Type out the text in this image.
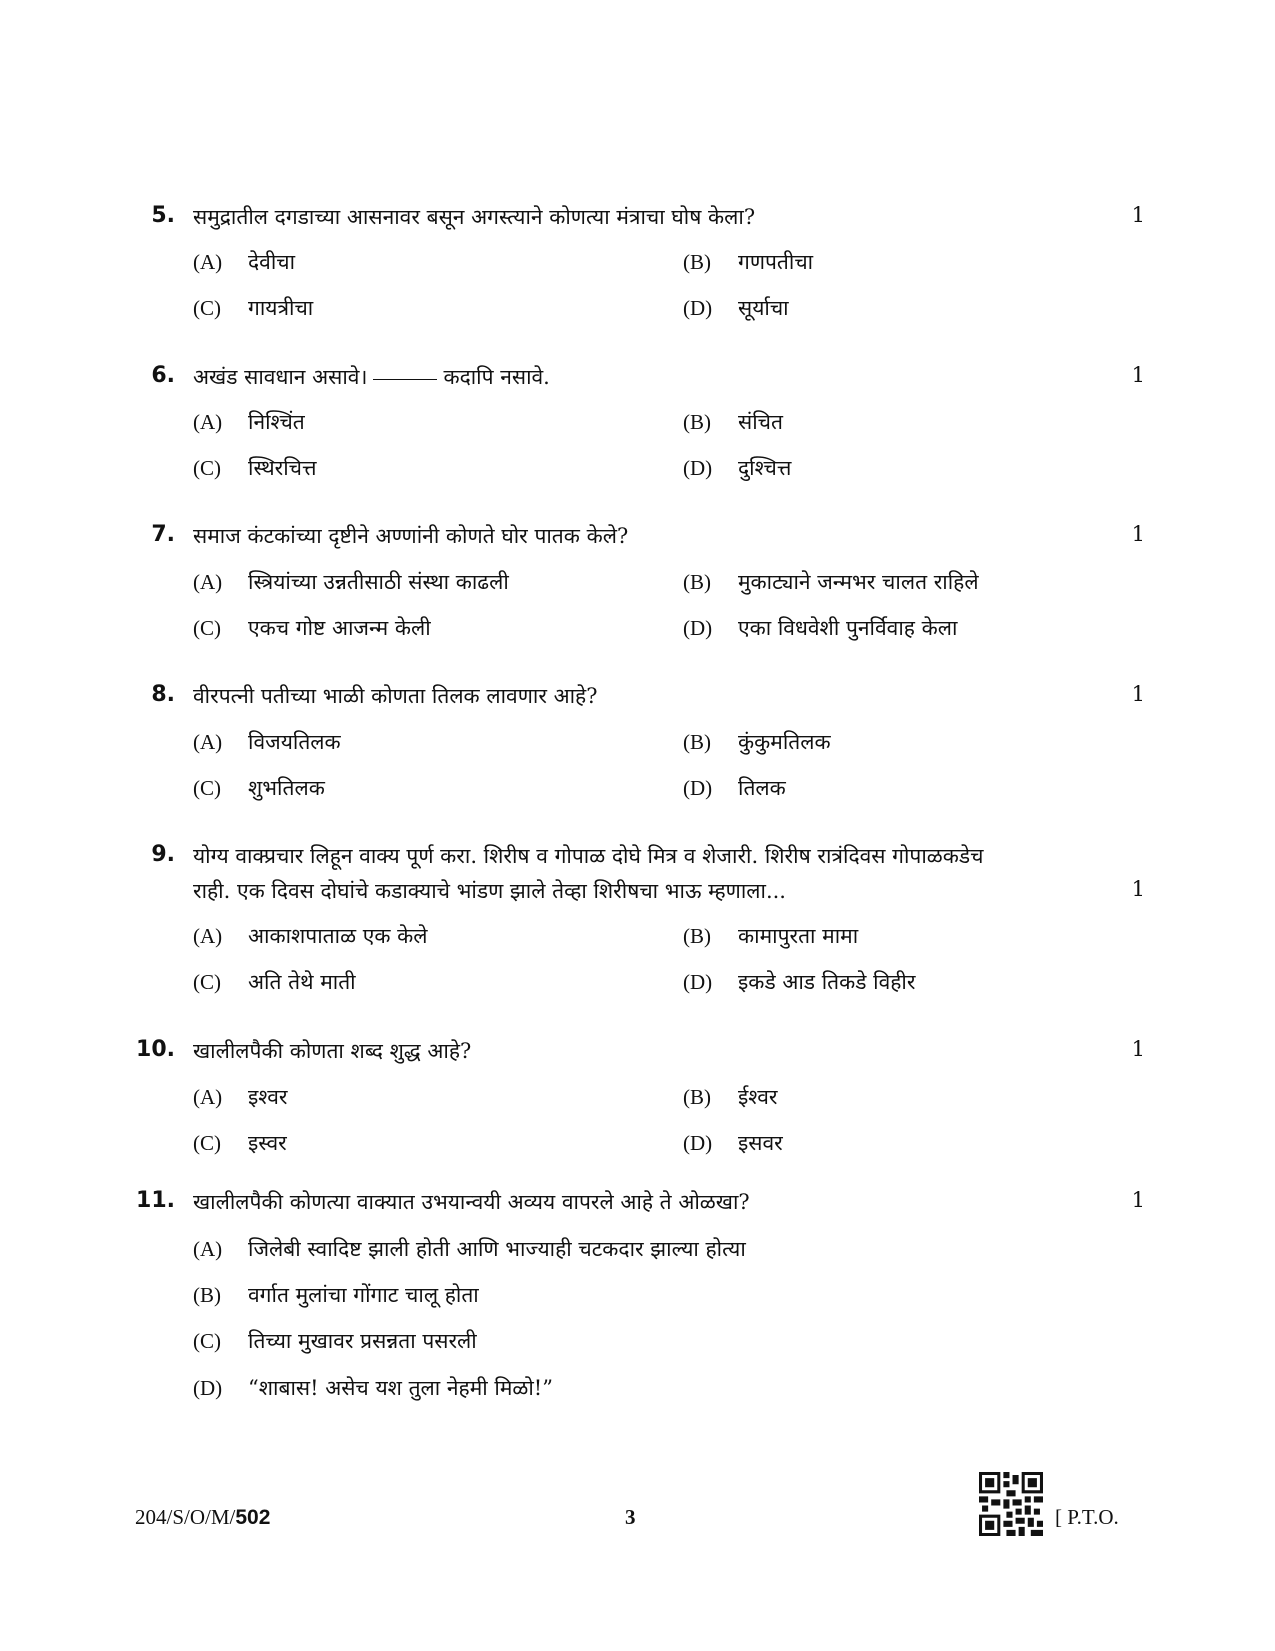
5. समुद्रातील दगडाच्या आसनावर बसून अगस्त्याने कोणत्या मंत्राचा घोष केला?	1
(A) देवीचा	(B) गणपतीचा
(C) गायत्रीचा	(D) सूर्याचा
6. अखंड सावधान असावे।	कदापि नसावे.	1
(A) निश्चिंत	(B) संचित
(C) स्थिरचित्त	(D) दुश्चित्त
7. समाज कंटकांच्या दृष्टीने अण्णांनी कोणते घोर पातक केले?	1
(A) स्त्रियांच्या उन्नतीसाठी संस्था काढली	(B) मुकाट्याने जन्मभर चालत राहिले
(C) एकच गोष्ट आजन्म केली	(D) एका विधवेशी पुनर्विवाह केला
8. वीरपत्नी पतीच्या भाळी कोणता तिलक लावणार आहे?	1
(A) विजयतिलक	(B) कुंकुमतिलक
(C) शुभतिलक	(D) तिलक
9. योग्य वाक्प्रचार लिहून वाक्य पूर्ण करा. शिरीष व गोपाळ दोघे मित्र व शेजारी. शिरीष रात्रंदिवस गोपाळकडेच
राही. एक दिवस दोघांचे कडाक्याचे भांडण झाले तेव्हा शिरीषचा भाऊ म्हणाला...	1
(A) आकाशपाताळ एक केले	(B) कामापुरता मामा
(C) अति तेथे माती	(D) इकडे आड तिकडे विहीर
10. खालीलपैकी कोणता शब्द शुद्ध आहे?	1
(A) इश्वर	(B) ईश्वर
(C) इस्वर	(D) इसवर
11. खालीलपैकी कोणत्या वाक्यात उभयान्वयी अव्यय वापरले आहे ते ओळखा?	1
(A) जिलेबी स्वादिष्ट झाली होती आणि भाज्याही चटकदार झाल्या होत्या
(B) वर्गात मुलांचा गोंगाट चालू होता
(C) तिच्या मुखावर प्रसन्नता पसरली
(D) “शाबास! असेच यश तुला नेहमी मिळो!”
204/S/O/M/502	3	[ P.T.O.
